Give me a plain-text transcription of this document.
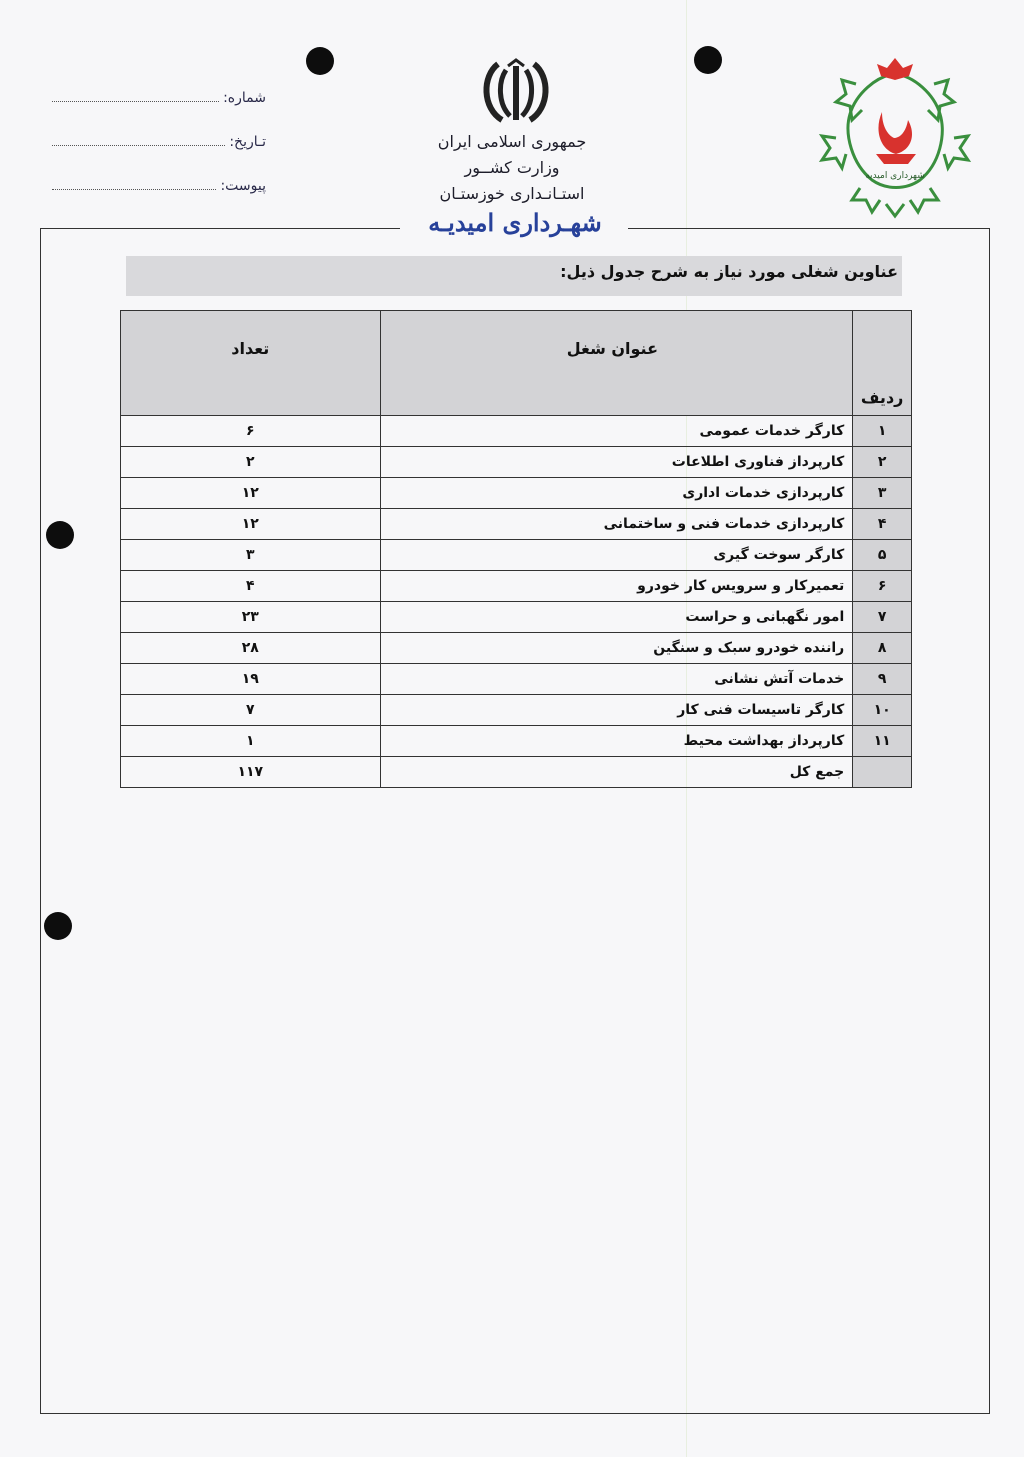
شماره:
تـاریخ:
پیوست:
جمهوری اسلامی ایران
وزارت کشــور
استـانـداری خوزستـان
شهـرداری امیدیـه
شهرداری امیدیه
عناوین شغلی مورد نیاز به شرح جدول ذیل:
ردیف	عنوان شغل	تعداد
۱	کارگر خدمات عمومی	۶
۲	کارپرداز فناوری اطلاعات	۲
۳	کارپردازی خدمات اداری	۱۲
۴	کارپردازی خدمات فنی و ساختمانی	۱۲
۵	کارگر سوخت گیری	۳
۶	تعمیرکار و سرویس کار خودرو	۴
۷	امور نگهبانی و حراست	۲۳
۸	راننده خودرو سبک و سنگین	۲۸
۹	خدمات آتش نشانی	۱۹
۱۰	کارگر تاسیسات فنی کار	۷
۱۱	کارپرداز بهداشت محیط	۱
	جمع کل	۱۱۷
